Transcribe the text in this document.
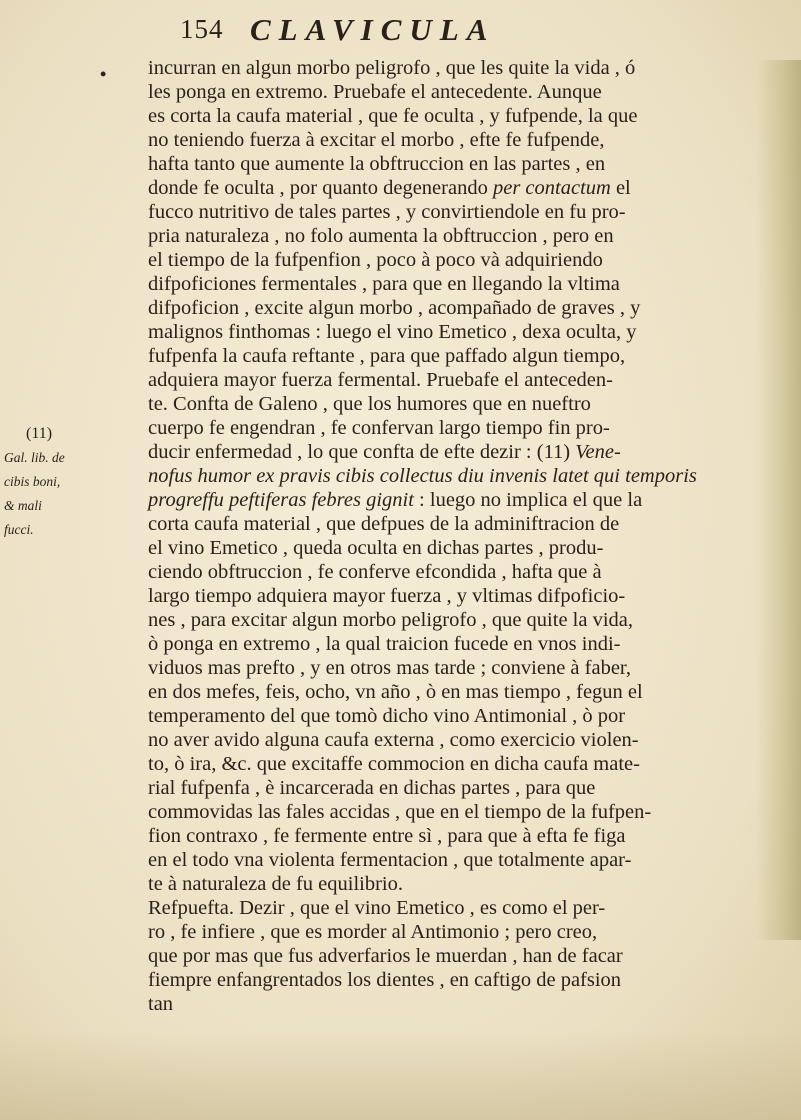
154 CLAVICULA
•
(11)
Gal. lib. de
cibis boni,
& mali
fucci.
incurran en algun morbo peligrofo , que les quite la vida , ó
les ponga en extremo. Pruebafe el antecedente. Aunque
es corta la caufa material , que fe oculta , y fufpende, la que
no teniendo fuerza à excitar el morbo , efte fe fufpende,
hafta tanto que aumente la obftruccion en las partes , en
donde fe oculta , por quanto degenerando per contactum el
fucco nutritivo de tales partes , y convirtiendole en fu pro-
pria naturaleza , no folo aumenta la obftruccion , pero en
el tiempo de la fufpenfion , poco à poco và adquiriendo
difpoficiones fermentales , para que en llegando la vltima
difpoficion , excite algun morbo , acompañado de graves , y
malignos finthomas : luego el vino Emetico , dexa oculta, y
fufpenfa la caufa reftante , para que paffado algun tiempo,
adquiera mayor fuerza fermental. Pruebafe el anteceden-
te. Confta de Galeno , que los humores que en nueftro
cuerpo fe engendran , fe confervan largo tiempo fin pro-
ducir enfermedad , lo que confta de efte dezir : (11) Vene-
nofus humor ex pravis cibis collectus diu invenis latet qui temporis
progreffu peftiferas febres gignit : luego no implica el que la
corta caufa material , que defpues de la adminiftracion de
el vino Emetico , queda oculta en dichas partes , produ-
ciendo obftruccion , fe conferve efcondida , hafta que à
largo tiempo adquiera mayor fuerza , y vltimas difpoficio-
nes , para excitar algun morbo peligrofo , que quite la vida,
ò ponga en extremo , la qual traicion fucede en vnos indi-
viduos mas prefto , y en otros mas tarde ; conviene à faber,
en dos mefes, feis, ocho, vn año , ò en mas tiempo , fegun el
temperamento del que tomò dicho vino Antimonial , ò por
no aver avido alguna caufa externa , como exercicio violen-
to, ò ira, &c. que excitaffe commocion en dicha caufa mate-
rial fufpenfa , è incarcerada en dichas partes , para que
commovidas las fales accidas , que en el tiempo de la fufpen-
fion contraxo , fe fermente entre sì , para que à efta fe figa
en el todo vna violenta fermentacion , que totalmente apar-
te à naturaleza de fu equilibrio.
Refpuefta. Dezir , que el vino Emetico , es como el per-
ro , fe infiere , que es morder al Antimonio ; pero creo,
que por mas que fus adverfarios le muerdan , han de facar
fiempre enfangrentados los dientes , en caftigo de pafsion
tan
